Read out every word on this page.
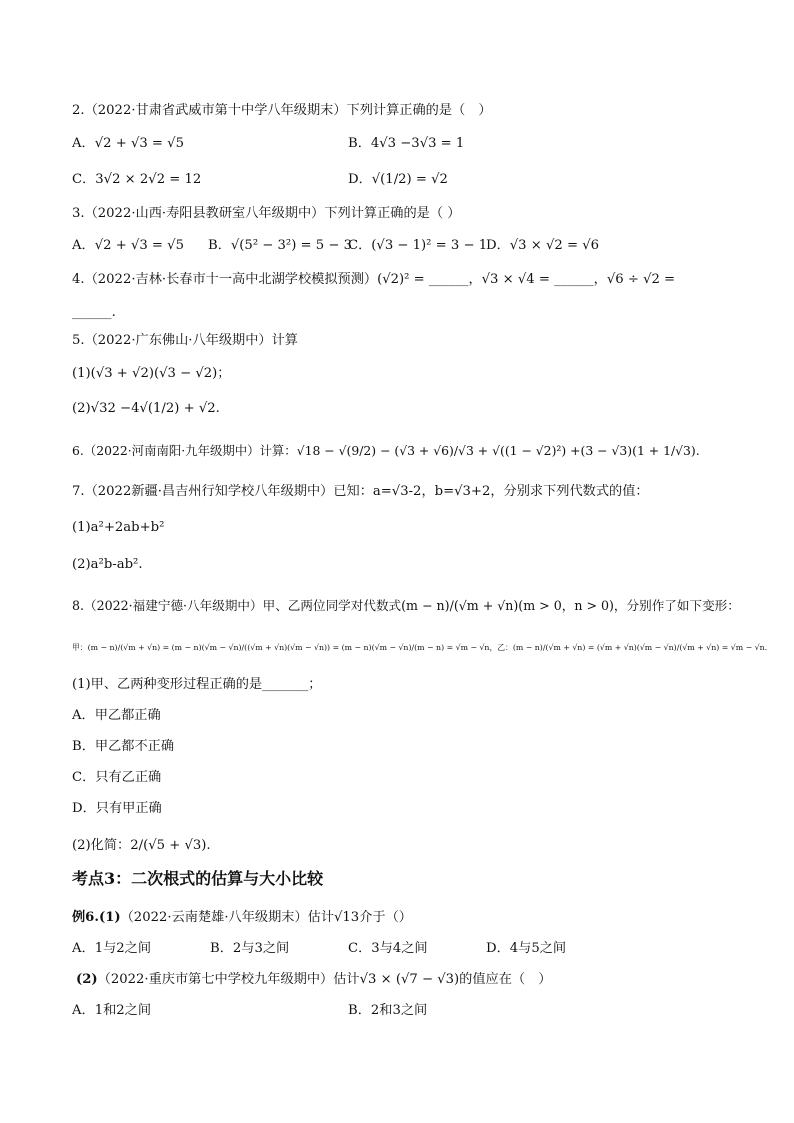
2.（2022·甘肃省武威市第十中学八年级期末）下列计算正确的是（　）
A．√2 + √3 = √5	B．4√3 −3√3 = 1
C．3√2 × 2√2 = 12	D．√(1/2) = √2
3.（2022·山西·寿阳县教研室八年级期中）下列计算正确的是（ ）
A．√2 + √3 = √5 B．√(5² − 3²) = 5 − 3
C．(√3 − 1)² = 3 − 1
D．√3 × √2 = √6
4.（2022·吉林·长春市十一高中北湖学校模拟预测）(√2)² = ______，√3 × √4 = ______，√6 ÷ √2 =
______.
5.（2022·广东佛山·八年级期中）计算
(1)(√3 + √2)(√3 − √2)；
(2)√32 −4√(1/2) + √2.
6.（2022·河南南阳·九年级期中）计算：√18 − √(9/2) − (√3 + √6)/√3 + √((1 − √2)²) +(3 − √3)(1 + 1/√3).
7.（2022新疆·昌吉州行知学校八年级期中）已知：a=√3-2，b=√3+2，分别求下列代数式的值：
(1)a²+2ab+b²
(2)a²b-ab².
8.（2022·福建宁德·八年级期中）甲、乙两位同学对代数式(m − n)/(√m + √n)(m > 0，n > 0)，分别作了如下变形：
甲：(m − n)/(√m + √n) = (m − n)(√m − √n)/((√m + √n)(√m − √n)) = (m − n)(√m − √n)/(m − n) = √m − √n，乙：(m − n)/(√m + √n) = (√m + √n)(√m − √n)/(√m + √n) = √m − √n.
(1)甲、乙两种变形过程正确的是_______；
A．甲乙都正确
B．甲乙都不正确
C．只有乙正确
D．只有甲正确
(2)化简：2/(√5 + √3).
考点3：二次根式的估算与大小比较
例6.(1)（2022·云南楚雄·八年级期末）估计√13介于（）
A．1与2之间	B．2与3之间	C．3与4之间	D．4与5之间
(2)（2022·重庆市第七中学校九年级期中）估计√3 × (√7 − √3)的值应在（　）
A．1和2之间	B．2和3之间
